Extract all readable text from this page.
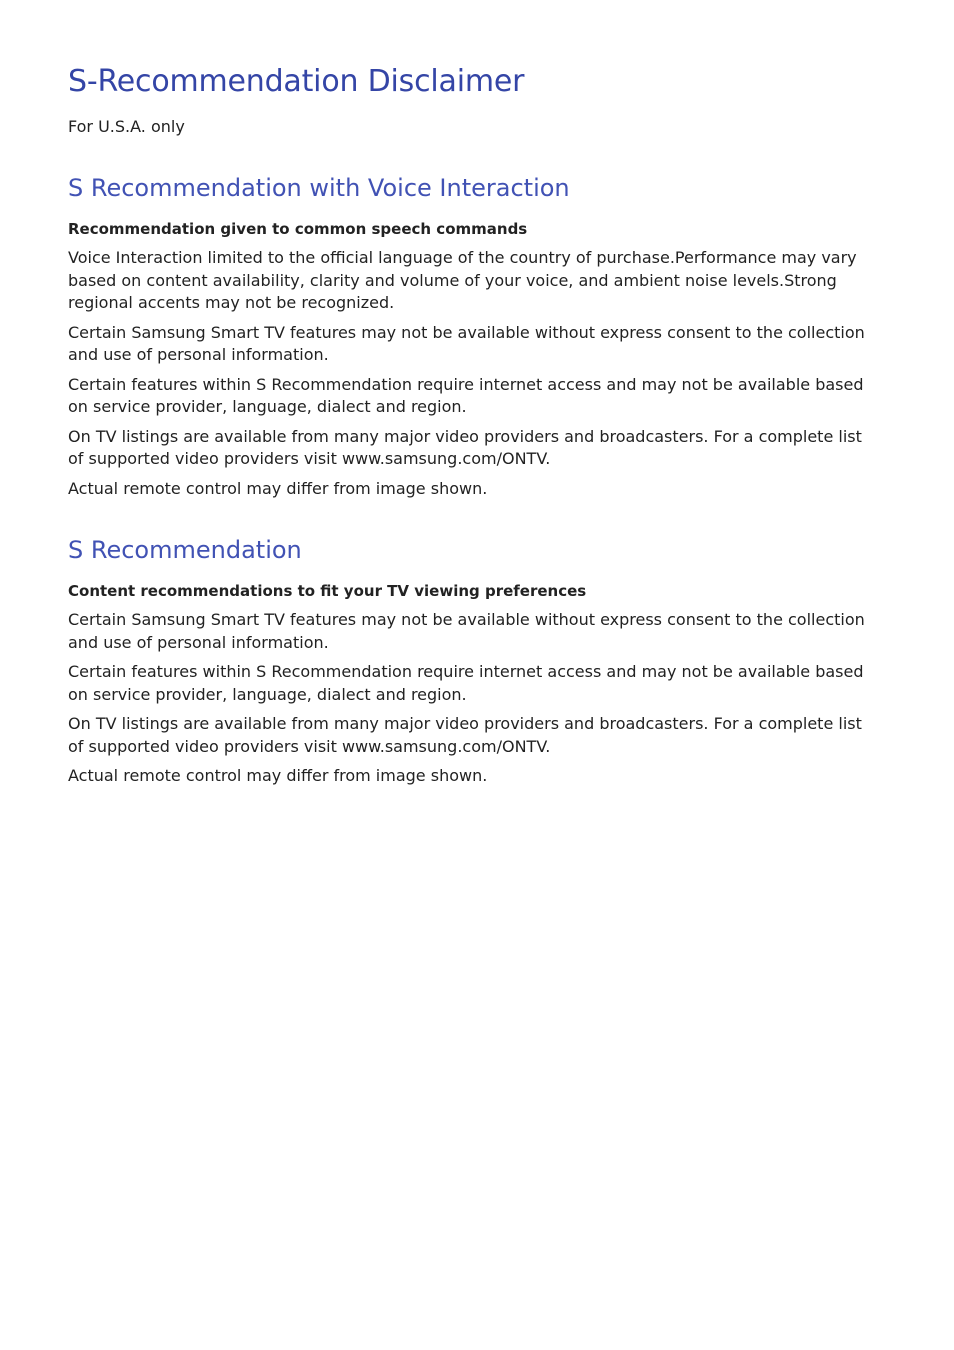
S-Recommendation Disclaimer

For U.S.A. only

S Recommendation with Voice Interaction

Recommendation given to common speech commands

Voice Interaction limited to the official language of the country of purchase.Performance may vary based on content availability, clarity and volume of your voice, and ambient noise levels.Strong regional accents may not be recognized.

Certain Samsung Smart TV features may not be available without express consent to the collection and use of personal information.

Certain features within S Recommendation require internet access and may not be available based on service provider, language, dialect and region.

On TV listings are available from many major video providers and broadcasters. For a complete list of supported video providers visit www.samsung.com/ONTV.

Actual remote control may differ from image shown.

S Recommendation

Content recommendations to fit your TV viewing preferences

Certain Samsung Smart TV features may not be available without express consent to the collection and use of personal information.

Certain features within S Recommendation require internet access and may not be available based on service provider, language, dialect and region.

On TV listings are available from many major video providers and broadcasters. For a complete list of supported video providers visit www.samsung.com/ONTV.

Actual remote control may differ from image shown.
